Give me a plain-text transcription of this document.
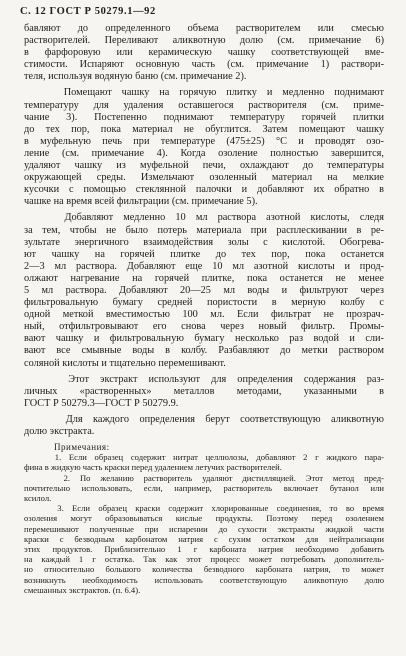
С. 12 ГОСТ Р 50279.1—92
бавляют до определенного объема растворителем или смесью
растворителей. Переливают аликвотную долю (см. примечание 6)
в фарфоровую или керамическую чашку соответствующей вме-
стимости. Испаряют основную часть (см. примечание 1) раствори-
теля, используя водяную баню (см. примечание 2).
Помещают чашку на горячую плитку и медленно поднимают
температуру для удаления оставшегося растворителя (см. приме-
чание 3). Постепенно поднимают температуру горячей плитки
до тех пор, пока материал не обуглится. Затем помещают чашку
в муфельную печь при температуре (475±25) °С и проводят озо-
ление (см. примечание 4). Когда озоление полностью завершится,
удаляют чашку из муфельной печи, охлаждают до температуры
окружающей среды. Измельчают озоленный материал на мелкие
кусочки с помощью стеклянной палочки и добавляют их обратно в
чашке на время всей фильтрации (см. примечание 5).
Добавляют медленно 10 мл раствора азотной кислоты, следя
за тем, чтобы не было потерь материала при расплескивании в ре-
зультате энергичного взаимодействия золы с кислотой. Обогрева-
ют чашку на горячей плитке до тех пор, пока останется
2—3 мл раствора. Добавляют еще 10 мл азотной кислоты и прод-
олжают нагревание на горячей плитке, пока останется не менее
5 мл раствора. Добавляют 20—25 мл воды и фильтруют через
фильтровальную бумагу средней пористости в мерную колбу с
одной меткой вместимостью 100 мл. Если фильтрат не прозрач-
ный, отфильтровывают его снова через новый фильтр. Промы-
вают чашку и фильтровальную бумагу несколько раз водой и сли-
вают все смывные воды в колбу. Разбавляют до метки раствором
соляной кислоты и тщательно перемешивают.
Этот экстракт используют для определения содержания раз-
личных «растворенных» металлов методами, указанными в
ГОСТ Р 50279.3—ГОСТ Р 50279.9.
Для каждого определения берут соответствующую аликвотную
долю экстракта.
Примечания:
1. Если образец содержит нитрат целлюлозы, добавляют 2 г жидкого пара-
фина в жидкую часть краски перед удалением летучих растворителей.
2. По желанию растворитель удаляют дистилляцией. Этот метод пред-
почтительно использовать, если, например, растворитель включает бутанол или
ксилол.
3. Если образец краски содержит хлорированные соединения, то во время
озоления могут образовываться кислые продукты. Поэтому перед озолением
перемешивают полученные при испарении до сухости экстракты жидкой части
краски с безводным карбонатом натрия с сухим остатком для нейтрализации
этих продуктов. Приблизительно 1 г карбоната натрия необходимо добавить
на каждый 1 г остатка. Так как этот процесс может потребовать дополнитель-
но относительно большого количества безводного карбоната натрия, то может
возникнуть необходимость использовать соответствующую аликвотную долю
смешанных экстрактов. (п. 6.4).
